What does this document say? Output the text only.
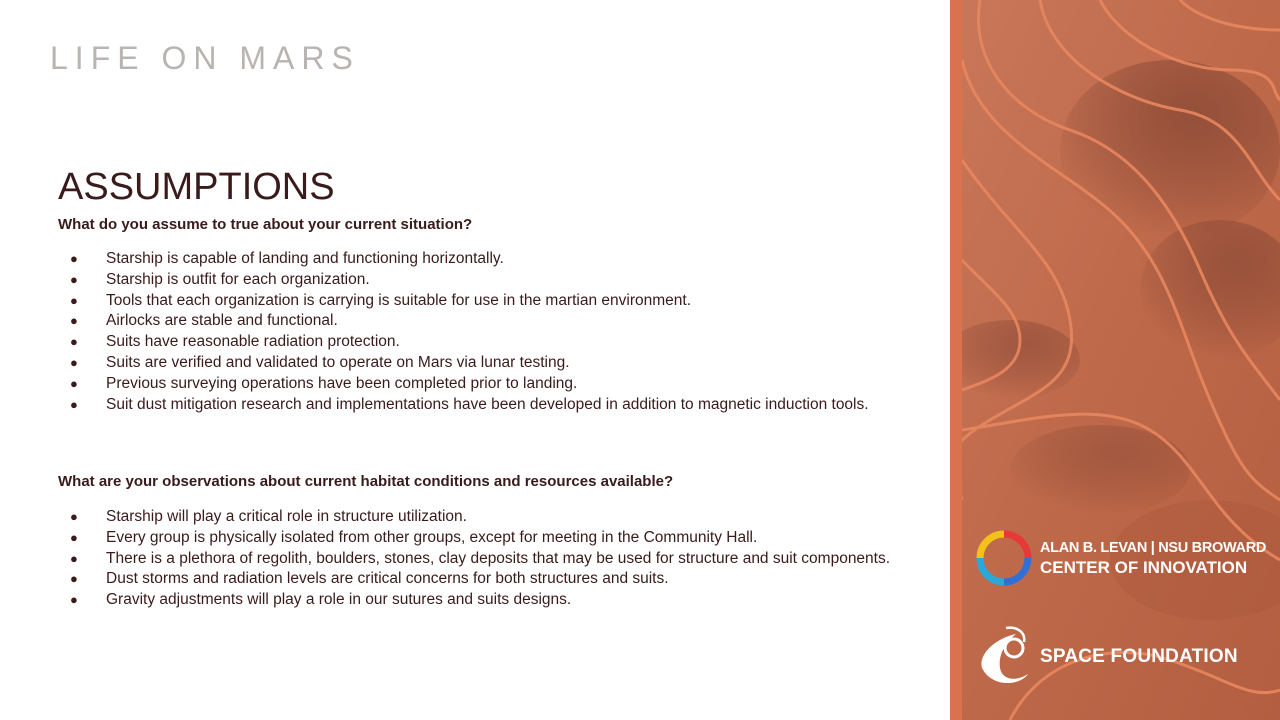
LIFE ON MARS
ASSUMPTIONS
What do you assume to true about your current situation?
● Starship is capable of landing and functioning horizontally.
● Starship is outfit for each organization.
● Tools that each organization is carrying is suitable for use in the martian environment.
● Airlocks are stable and functional.
● Suits have reasonable radiation protection.
● Suits are verified and validated to operate on Mars via lunar testing.
● Previous surveying operations have been completed prior to landing.
● Suit dust mitigation research and implementations have been developed in addition to magnetic induction tools.
What are your observations about current habitat conditions and resources available?
● Starship will play a critical role in structure utilization.
● Every group is physically isolated from other groups, except for meeting in the Community Hall.
● There is a plethora of regolith, boulders, stones, clay deposits that may be used for structure and suit components.
● Dust storms and radiation levels are critical concerns for both structures and suits.
● Gravity adjustments will play a role in our sutures and suits designs.
ALAN B. LEVAN | NSU BROWARD
CENTER OF INNOVATION
SPACE FOUNDATION
